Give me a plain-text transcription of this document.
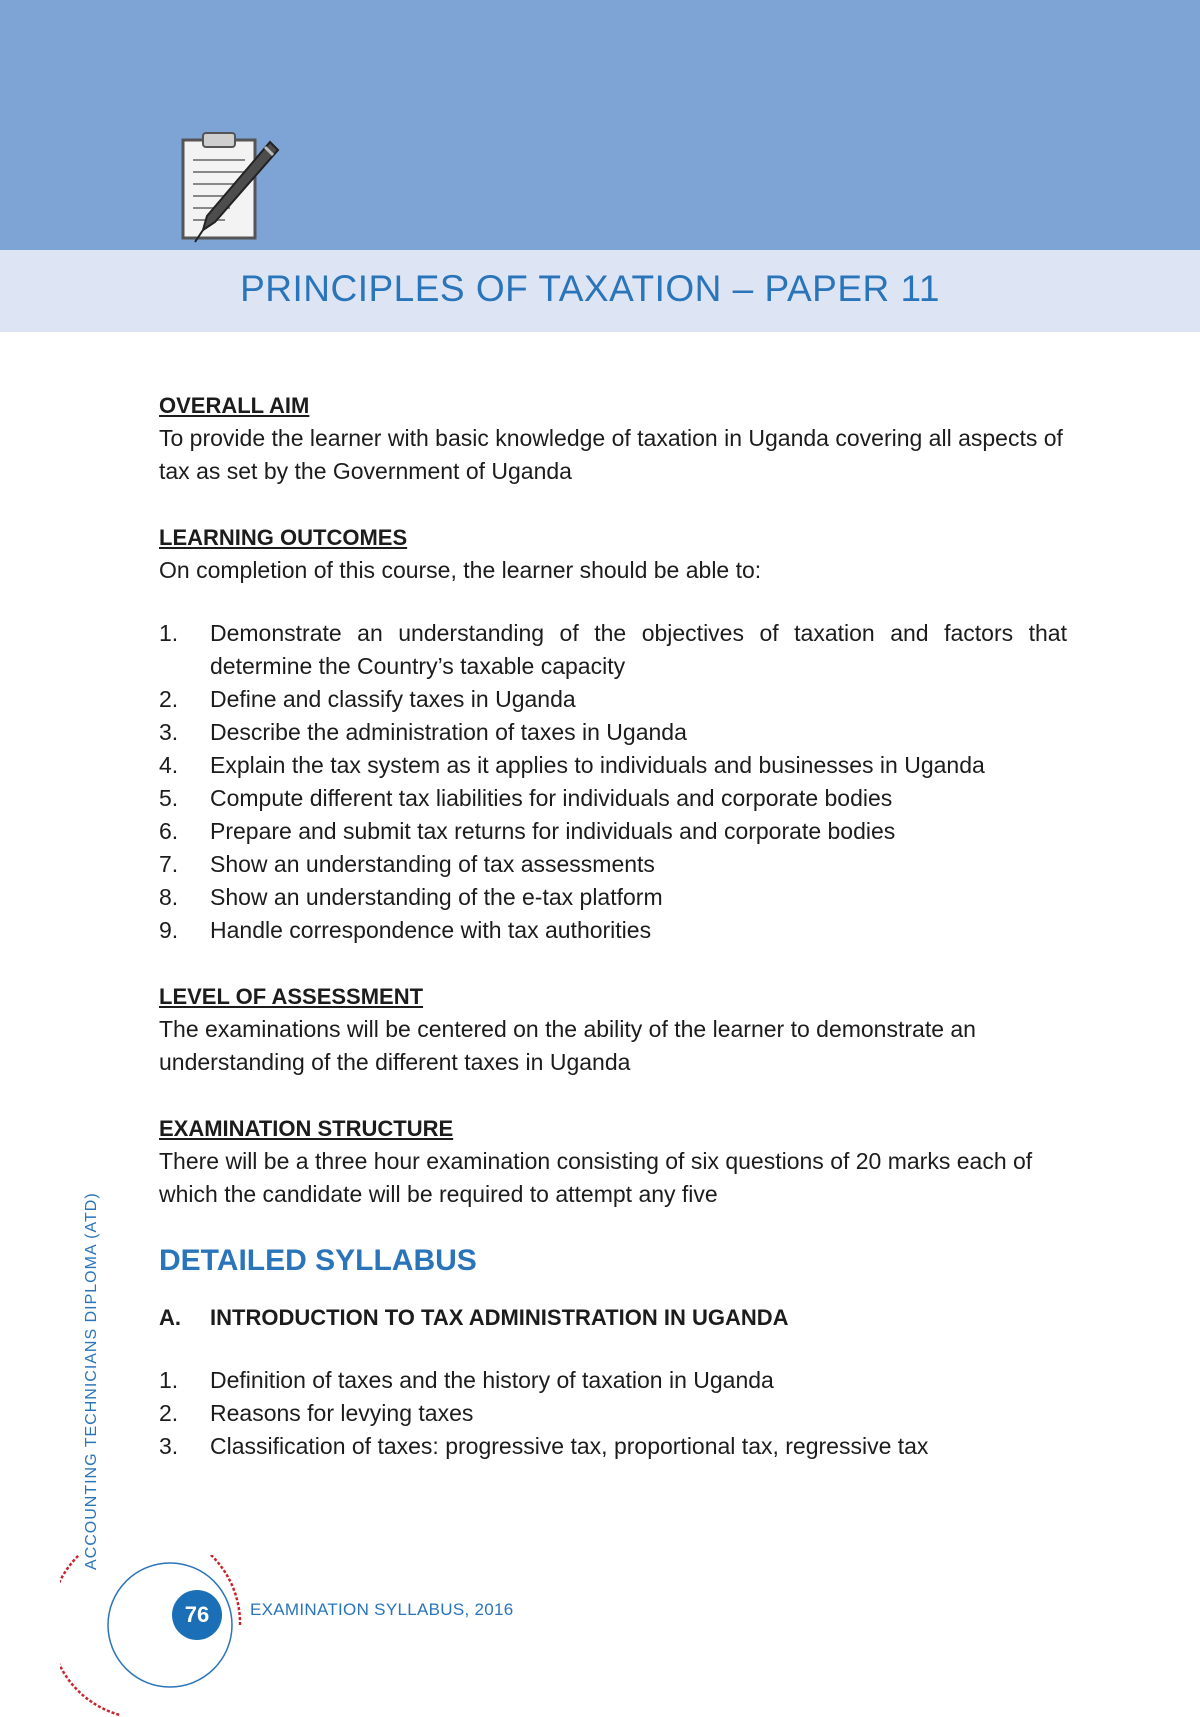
PRINCIPLES OF TAXATION – PAPER 11

OVERALL AIM

To provide the learner with basic knowledge of taxation in Uganda covering all aspects of tax as set by the Government of Uganda

LEARNING OUTCOMES

On completion of this course, the learner should be able to:

1.	Demonstrate an understanding of the objectives of taxation and factors that determine the Country’s taxable capacity
2.	Define and classify taxes in Uganda
3.	Describe the administration of taxes in Uganda
4.	Explain the tax system as it applies to individuals and businesses in Uganda
5.	Compute different tax liabilities for individuals and corporate bodies
6.	Prepare and submit tax returns for individuals and corporate bodies
7.	Show an understanding of tax assessments
8.	Show an understanding of the e-tax platform
9.	Handle correspondence with tax authorities

LEVEL OF ASSESSMENT

The examinations will be centered on the ability of the learner to demonstrate an understanding of the different taxes in Uganda

EXAMINATION STRUCTURE

There will be a three hour examination consisting of six questions of 20 marks each of which the candidate will be required to attempt any five

DETAILED SYLLABUS

A.	INTRODUCTION TO TAX ADMINISTRATION IN UGANDA
1.	Definition of taxes and the history of taxation in Uganda
2.	Reasons for levying taxes
3.	Classification of taxes: progressive tax, proportional tax, regressive tax
ACCOUNTING TECHNICIANS DIPLOMA (ATD)
76	EXAMINATION SYLLABUS, 2016
